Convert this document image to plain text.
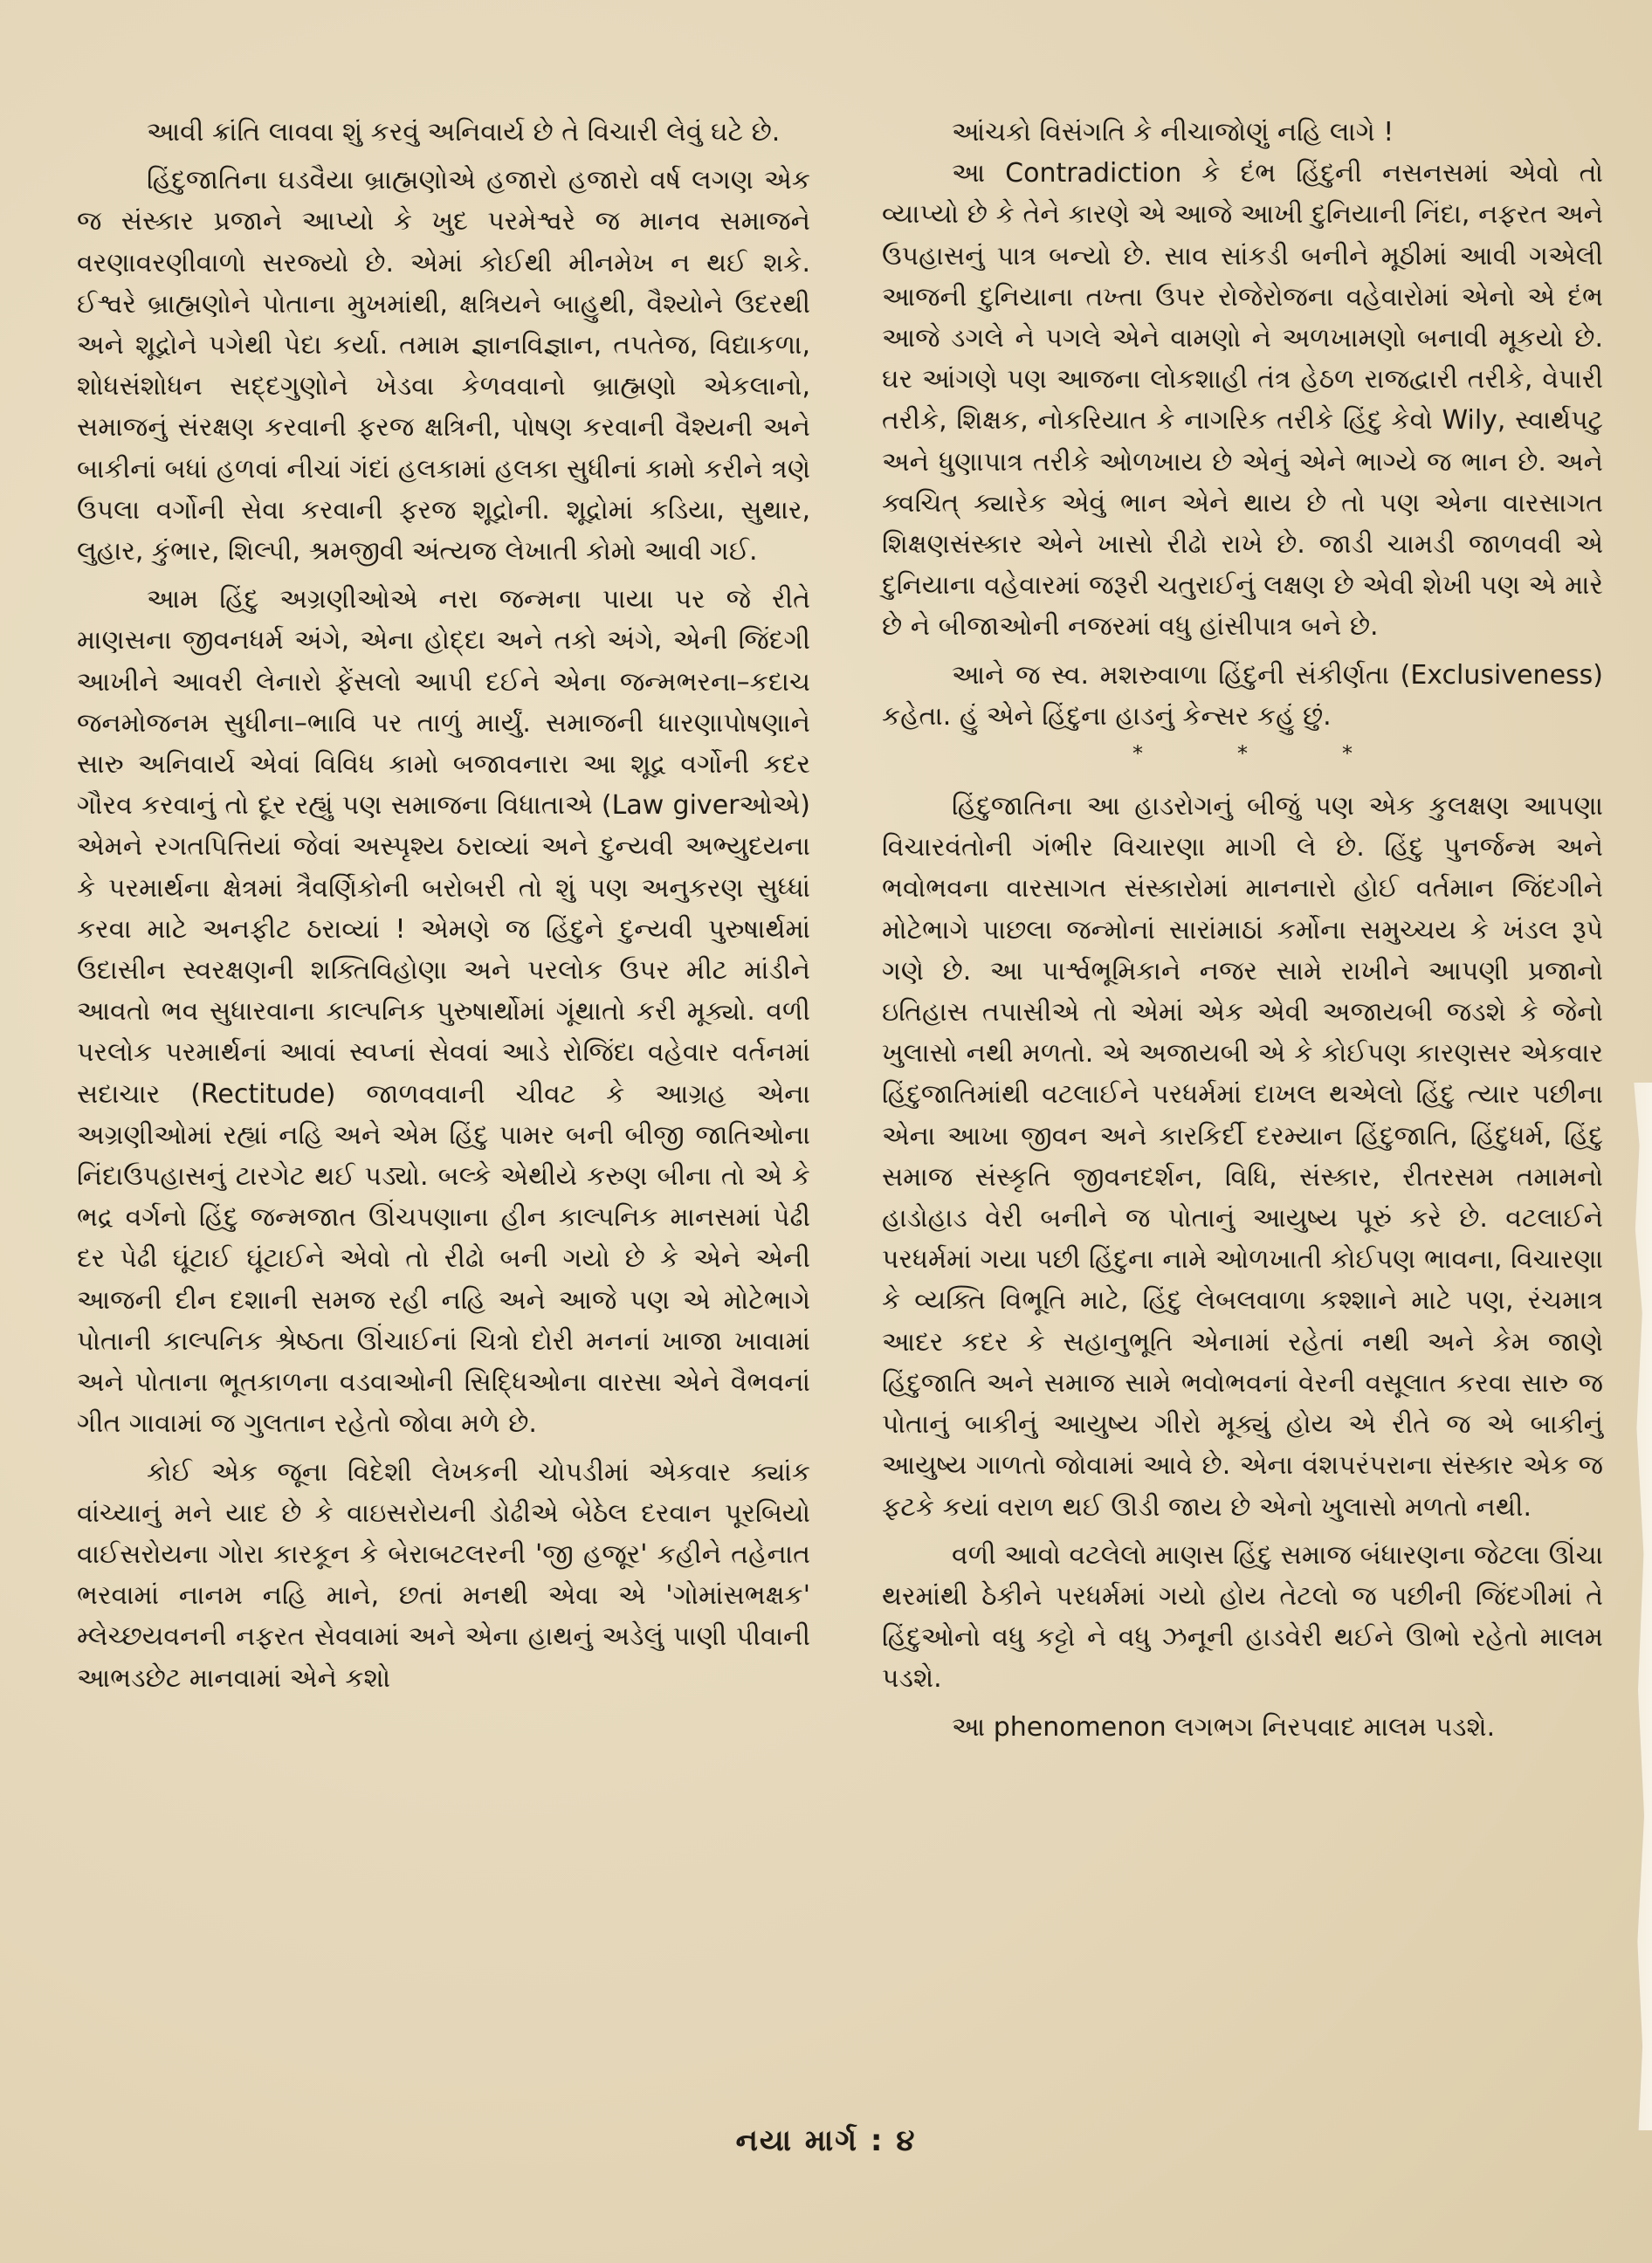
આવી ક્રાંતિ લાવવા શું કરવું અનિવાર્ય છે તે વિચારી લેવું ઘટે છે.

હિંદુજાતિના ઘડવૈયા બ્રાહ્મણોએ હજારો હજારો વર્ષ લગણ એક જ સંસ્કાર પ્રજાને આપ્યો કે ખુદ પરમેશ્વરે જ માનવ સમાજને વરણાવરણીવાળો સરજ્યો છે. એમાં કોઈથી મીનમેખ ન થઈ શકે. ઈશ્વરે બ્રાહ્મણોને પોતાના મુખમાંથી, ક્ષત્રિયને બાહુથી, વૈશ્યોને ઉદરથી અને શૂદ્રોને પગેથી પેદા કર્યા. તમામ જ્ઞાનવિજ્ઞાન, તપતેજ, વિદ્યાકળા, શોધસંશોધન સદ્દગુણોને ખેડવા કેળવવાનો બ્રાહ્મણો એકલાનો, સમાજનું સંરક્ષણ કરવાની ફરજ ક્ષત્રિની, પોષણ કરવાની વૈશ્યની અને બાકીનાં બધાં હળવાં નીચાં ગંદાં હલકામાં હલકા સુધીનાં કામો કરીને ત્રણે ઉપલા વર્ગોની સેવા કરવાની ફરજ શૂદ્રોની. શૂદ્રોમાં કડિયા, સુથાર, લુહાર, કુંભાર, શિલ્પી, શ્રમજીવી અંત્યજ લેખાતી કોમો આવી ગઈ.

આમ હિંદુ અગ્રણીઓએ નરા જન્મના પાયા પર જે રીતે માણસના જીવનધર્મ અંગે, એના હોદ્દા અને તકો અંગે, એની જિંદગી આખીને આવરી લેનારો ફેંસલો આપી દઈને એના જન્મભરના–કદાચ જનમોજનમ સુધીના–ભાવિ પર તાળું માર્યું. સમાજની ધારણાપોષણાને સારુ અનિવાર્ય એવાં વિવિધ કામો બજાવનારા આ શૂદ્ર વર્ગોની કદર ગૌરવ કરવાનું તો દૂર રહ્યું પણ સમાજના વિધાતાએ (Law giverઓએ) એમને રગતપિત્તિયાં જેવાં અસ્પૃશ્ય ઠરાવ્યાં અને દુન્યવી અભ્યુદયના કે પરમાર્થના ક્ષેત્રમાં ત્રૈવર્ણિકોની બરોબરી તો શું પણ અનુકરણ સુધ્ધાં કરવા માટે અનફીટ ઠરાવ્યાં ! એમણે જ હિંદુને દુન્યવી પુરુષાર્થમાં ઉદાસીન સ્વરક્ષણની શક્તિવિહોણા અને પરલોક ઉપર મીટ માંડીને આવતો ભવ સુધારવાના કાલ્પનિક પુરુષાર્થોમાં ગૂંથાતો કરી મૂક્યો. વળી પરલોક પરમાર્થનાં આવાં સ્વપ્નાં સેવવાં આડે રોજિંદા વહેવાર વર્તનમાં સદાચાર (Rectitude) જાળવવાની ચીવટ કે આગ્રહ એના અગ્રણીઓમાં રહ્યાં નહિ અને એમ હિંદુ પામર બની બીજી જાતિઓના નિંદાઉપહાસનું ટારગેટ થઈ પડ્યો. બલ્કે એથીયે કરુણ બીના તો એ કે ભદ્ર વર્ગનો હિંદુ જન્મજાત ઊંચપણાના હીન કાલ્પનિક માનસમાં પેઢી દર પેઢી ઘૂંટાઈ ઘૂંટાઈને એવો તો રીઢો બની ગયો છે કે એને એની આજની દીન દશાની સમજ રહી નહિ અને આજે પણ એ મોટેભાગે પોતાની કાલ્પનિક શ્રેષ્ઠતા ઊંચાઈનાં ચિત્રો દોરી મનનાં ખાજા ખાવામાં અને પોતાના ભૂતકાળના વડવાઓની સિદ્ધિઓના વારસા એને વૈભવનાં ગીત ગાવામાં જ ગુલતાન રહેતો જોવા મળે છે.

કોઈ એક જૂના વિદેશી લેખકની ચોપડીમાં એકવાર ક્યાંક વાંચ્યાનું મને યાદ છે કે વાઇસરોયની ડોઢીએ બેઠેલ દરવાન પૂરબિયો વાઈસરોયના ગોરા કારકૂન કે બેરાબટલરની 'જી હજૂર' કહીને તહેનાત ભરવામાં નાનમ નહિ માને, છતાં મનથી એવા એ 'ગોમાંસભક્ષક' મ્લેચ્છયવનની નફરત સેવવામાં અને એના હાથનું અડેલું પાણી પીવાની આભડછેટ માનવામાં એને કશો

આંચકો વિસંગતિ કે નીચાજોણું નહિ લાગે !

આ Contradiction કે દંભ હિંદુની નસનસમાં એવો તો વ્યાપ્યો છે કે તેને કારણે એ આજે આખી દુનિયાની નિંદા, નફરત અને ઉપહાસનું પાત્ર બન્યો છે. સાવ સાંકડી બનીને મૂઠીમાં આવી ગએલી આજની દુનિયાના તખ્તા ઉપર રોજેરોજના વહેવારોમાં એનો એ દંભ આજે ડગલે ને પગલે એને વામણો ને અળખામણો બનાવી મૂકયો છે. ઘર આંગણે પણ આજના લોકશાહી તંત્ર હેઠળ રાજદ્વારી તરીકે, વેપારી તરીકે, શિક્ષક, નોકરિયાત કે નાગરિક તરીકે હિંદુ કેવો Wily, સ્વાર્થપટુ અને ધુણાપાત્ર તરીકે ઓળખાય છે એનું એને ભાગ્યે જ ભાન છે. અને ક્વચિત્ ક્યારેક એવું ભાન એને થાય છે તો પણ એના વારસાગત શિક્ષણસંસ્કાર એને ખાસો રીઢો રાખે છે. જાડી ચામડી જાળવવી એ દુનિયાના વહેવારમાં જરૂરી ચતુરાઈનું લક્ષણ છે એવી શેખી પણ એ મારે છે ને બીજાઓની નજરમાં વધુ હાંસીપાત્ર બને છે.

આને જ સ્વ. મશરુવાળા હિંદુની સંકીર્ણતા (Exclusiveness) કહેતા. હું એને હિંદુના હાડનું કેન્સર કહું છું.

*	*	*

હિંદુજાતિના આ હાડરોગનું બીજું પણ એક કુલક્ષણ આપણા વિચારવંતોની ગંભીર વિચારણા માગી લે છે. હિંદુ પુનર્જન્મ અને ભવોભવના વારસાગત સંસ્કારોમાં માનનારો હોઈ વર્તમાન જિંદગીને મોટેભાગે પાછલા જન્મોનાં સારાંમાઠાં કર્મોના સમુચ્ચય કે ખંડલ રૂપે ગણે છે. આ પાર્શ્વભૂમિકાને નજર સામે રાખીને આપણી પ્રજાનો ઇતિહાસ તપાસીએ તો એમાં એક એવી અજાયબી જડશે કે જેનો ખુલાસો નથી મળતો. એ અજાયબી એ કે કોઈપણ કારણસર એકવાર હિંદુજાતિમાંથી વટલાઈને પરધર્મમાં દાખલ થએલો હિંદુ ત્યાર પછીના એના આખા જીવન અને કારકિર્દી દરમ્યાન હિંદુજાતિ, હિંદુધર્મ, હિંદુ સમાજ સંસ્કૃતિ જીવનદર્શન, વિધિ, સંસ્કાર, રીતરસમ તમામનો હાડોહાડ વેરી બનીને જ પોતાનું આયુષ્ય પૂરું કરે છે. વટલાઈને પરધર્મમાં ગયા પછી હિંદુના નામે ઓળખાતી કોઈપણ ભાવના, વિચારણા કે વ્યક્તિ વિભૂતિ માટે, હિંદુ લેબલવાળા કશ્શાને માટે પણ, રંચમાત્ર આદર કદર કે સહાનુભૂતિ એનામાં રહેતાં નથી અને કેમ જાણે હિંદુજાતિ અને સમાજ સામે ભવોભવનાં વેરની વસૂલાત કરવા સારુ જ પોતાનું બાકીનું આયુષ્ય ગીરો મૂક્યું હોય એ રીતે જ એ બાકીનું આયુષ્ય ગાળતો જોવામાં આવે છે. એના વંશપરંપરાના સંસ્કાર એક જ ફટકે કયાં વરાળ થઈ ઊડી જાય છે એનો ખુલાસો મળતો નથી.

વળી આવો વટલેલો માણસ હિંદુ સમાજ બંધારણના જેટલા ઊંચા થરમાંથી ઠેકીને પરધર્મમાં ગયો હોય તેટલો જ પછીની જિંદગીમાં તે હિંદુઓનો વધુ કટ્ટો ને વધુ ઝનૂની હાડવેરી થઈને ઊભો રહેતો માલમ પડશે.

આ phenomenon લગભગ નિરપવાદ માલમ પડશે.

નયા માર્ગ : ૪
